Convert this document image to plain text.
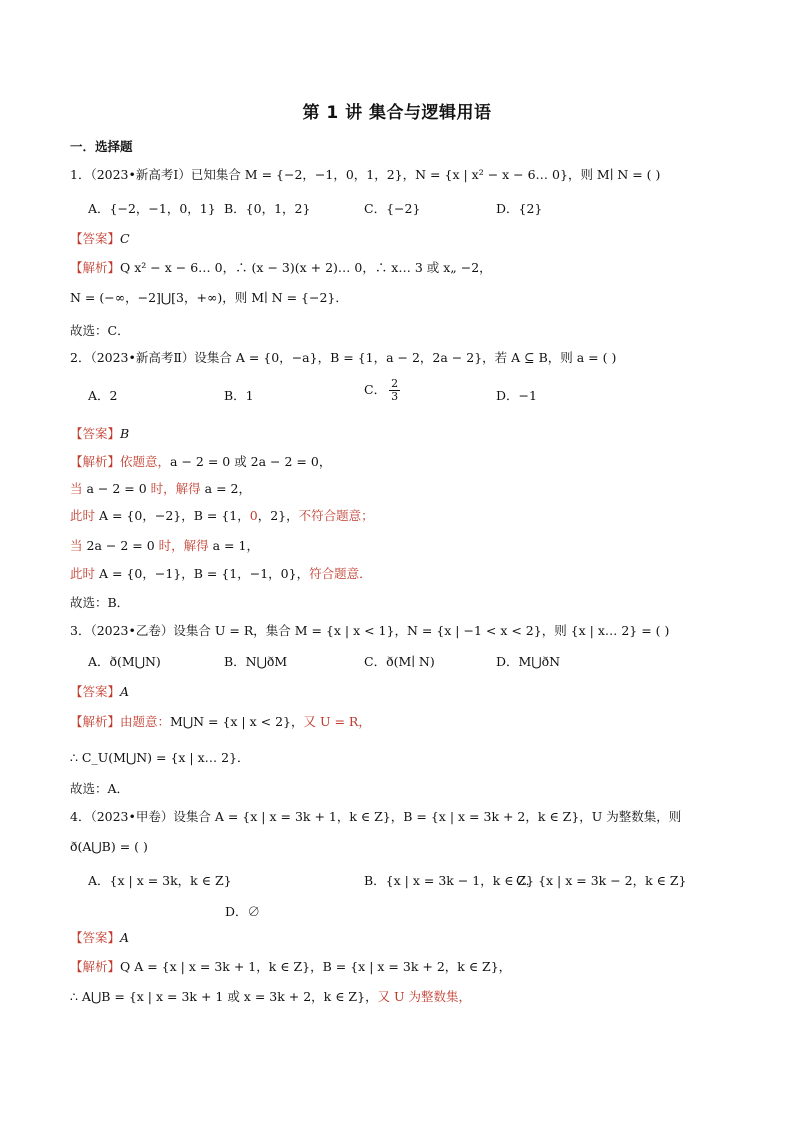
第 1 讲 集合与逻辑用语
一．选择题
1．（2023•新高考Ⅰ）已知集合 M = {−2，−1，0，1，2}，N = {x | x² − x − 6… 0}，则 M∣ N = ( )
A．{−2，−1，0，1} B．{0，1，2}	C．{−2}	D．{2}
【答案】C
【解析】Q x² − x − 6… 0，∴ (x − 3)(x + 2)… 0，∴ x… 3 或 x„ −2，
N = (−∞，−2]⋃[3，+∞)，则 M∣ N = {−2}．
故选：C．
2．（2023•新高考Ⅱ）设集合 A = {0，−a}，B = {1，a − 2，2a − 2}，若 A ⊆ B，则 a = ( )
A．2	B．1	C． $\frac{2}{3}$	D．−1
【答案】B
【解析】依题意，a − 2 = 0 或 2a − 2 = 0，
当 a − 2 = 0 时，解得 a = 2，
此时 A = {0，−2}，B = {1，0，2}，不符合题意；
当 2a − 2 = 0 时，解得 a = 1，
此时 A = {0，−1}，B = {1，−1，0}，符合题意．
故选：B．
3．（2023•乙卷）设集合 U = R，集合 M = {x | x < 1}，N = {x | −1 < x < 2}，则 {x | x… 2} = ( )
A．ð(M⋃N)	B．N⋃ðM	C．ð(M∣ N)	D．M⋃ðN
【答案】A
【解析】由题意：M⋃N = {x | x < 2}，又 U = R，
∴ C_U(M⋃N) = {x | x… 2}．
故选：A．
4．（2023•甲卷）设集合 A = {x | x = 3k + 1，k ∈ Z}，B = {x | x = 3k + 2，k ∈ Z}，U 为整数集，则
ð(A⋃B) = ( )
A．{x | x = 3k，k ∈ Z}	B．{x | x = 3k − 1，k ∈ Z}
C．{x | x = 3k − 2，k ∈ Z}
D．∅
【答案】A
【解析】Q A = {x | x = 3k + 1，k ∈ Z}，B = {x | x = 3k + 2，k ∈ Z}，
∴ A⋃B = {x | x = 3k + 1 或 x = 3k + 2，k ∈ Z}，又 U 为整数集，
